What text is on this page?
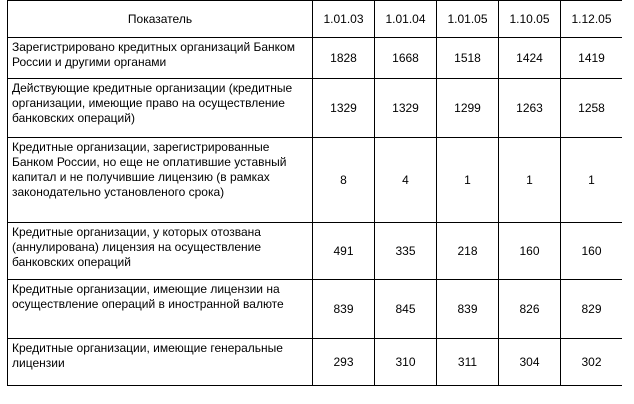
Показатель	1.01.03	1.01.04	1.01.05	1.10.05	1.12.05
Зарегистрировано кредитных организаций Банком России и другими органами	1828	1668	1518	1424	1419
Действующие кредитные организации (кредитные организации, имеющие право на осуществление банковских операций)	1329	1329	1299	1263	1258
Кредитные организации, зарегистрированные Банком России, но еще не оплатившие уставный капитал и не получившие лицензию (в рамках законодательно установленого срока)	8	4	1	1	1
Кредитные организации, у которых отозвана (аннулирована) лицензия на осуществление банковских операций	491	335	218	160	160
Кредитные организации, имеющие лицензии на осуществление операций в иностранной валюте	839	845	839	826	829
Кредитные организации, имеющие генеральные лицензии	293	310	311	304	302
